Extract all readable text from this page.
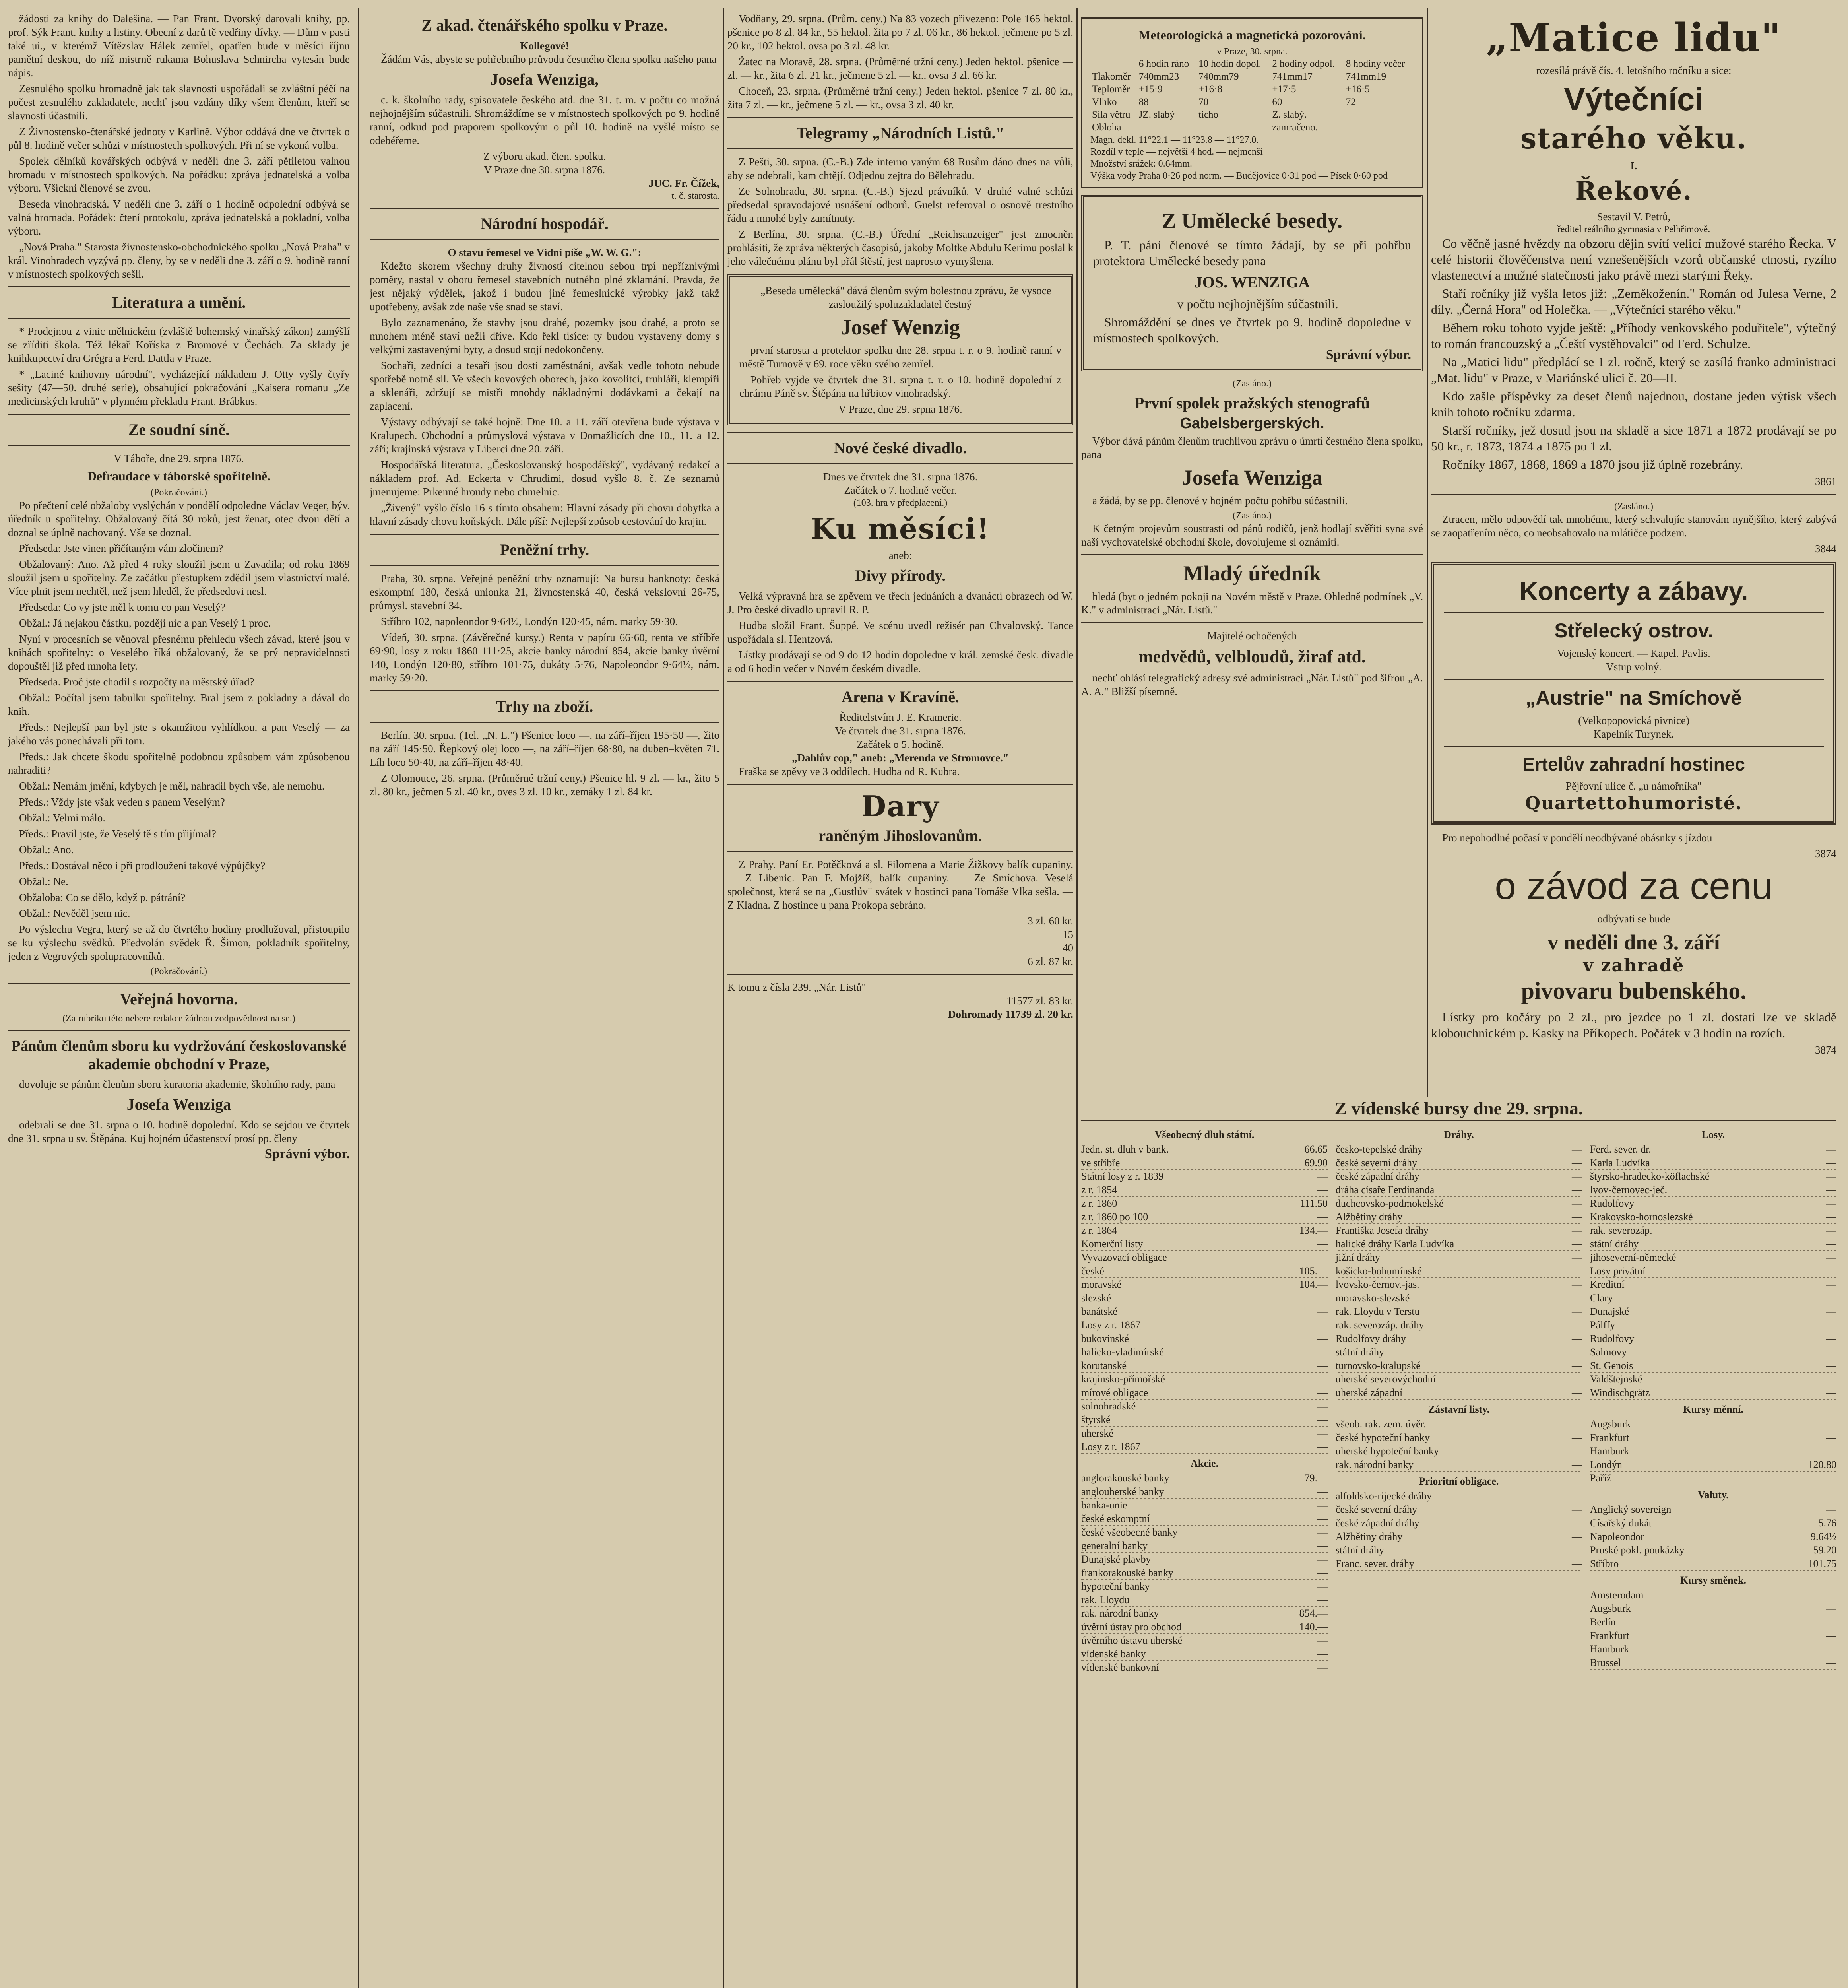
žádosti za knihy do Dalešina. — Pan Frant. Dvorský darovali knihy, pp. prof. Sýk Frant. knihy a listiny. Obecní z darů tě vedřiny dívky. — Dům v pasti také ui., v kterémž Vítězslav Hálek zemřel, opatřen bude v měsíci říjnu pamětní deskou, do níž mistrně rukama Bohuslava Schnircha vytesán bude nápis.

Zesnulého spolku hromadně jak tak slavnosti uspořádali se zvláštní péčí na počest zesnulého zakladatele, nechť jsou vzdány díky všem členům, kteří se slavnosti účastnili.

Z Živnostensko-čtenářské jednoty v Karlině. Výbor oddává dne ve čtvrtek o půl 8. hodině večer schůzi v místnostech spolkových. Při ní se vykoná volba.

Spolek dělníků kovářských odbývá v neděli dne 3. září pětiletou valnou hromadu v místnostech spolkových. Na pořádku: zpráva jednatelská a volba výboru. Všickni členové se zvou.

Beseda vinohradská. V neděli dne 3. září o 1 hodině odpolední odbývá se valná hromada. Pořádek: čtení protokolu, zpráva jednatelská a pokladní, volba výboru.

„Nová Praha." Starosta živnostensko-obchodnického spolku „Nová Praha" v král. Vinohradech vyzývá pp. členy, by se v neděli dne 3. září o 9. hodině ranní v místnostech spolkových sešli.

Literatura a umění.

* Prodejnou z vinic mělnickém (zvláště bohemský vinařský zákon) zamýšlí se zříditi škola. Též lékař Koříska z Bromové v Čechách. Za sklady je knihkupectví dra Grégra a Ferd. Dattla v Praze.

* „Laciné knihovny národní", vycházející nákladem J. Otty vyšly čtyřy sešity (47—50. druhé serie), obsahující pokračování „Kaisera romanu „Ze medicinských kruhů" v plynném překladu Frant. Brábkus.

Ze soudní síně.
V Táboře, dne 29. srpna 1876.
Defraudace v táborské spořitelně.
(Pokračování.)

Po přečtení celé obžaloby vyslýchán v pondělí odpoledne Václav Veger, býv. úředník u spořitelny. Obžalovaný čítá 30 roků, jest ženat, otec dvou dětí a doznal se úplně nachovaný. Vše se doznal.

Předseda: Jste vinen přičítaným vám zločinem?

Obžalovaný: Ano. Až před 4 roky sloužil jsem u Zavadila; od roku 1869 sloužil jsem u spořitelny. Ze začátku přestupkem zdědil jsem vlastnictví malé. Více plnit jsem nechtěl, než jsem hleděl, že předsedovi nesl.

Předseda: Co vy jste měl k tomu co pan Veselý?

Obžal.: Já nejakou částku, později nic a pan Veselý 1 proc.

Nyní v procesních se věnoval přesnému přehledu všech závad, které jsou v knihách spořitelny: o Veselého říká obžalovaný, že se prý nepravidelnosti dopouštěl již před mnoha lety.

Předseda. Proč jste chodil s rozpočty na městský úřad?

Obžal.: Počítal jsem tabulku spořitelny. Bral jsem z pokladny a dával do knih.

Předs.: Nejlepší pan byl jste s okamžitou vyhlídkou, a pan Veselý — za jakého vás ponechávali při tom.

Předs.: Jak chcete škodu spořitelně podobnou způsobem vám způsobenou nahraditi?

Obžal.: Nemám jmění, kdybych je měl, nahradil bych vše, ale nemohu.

Předs.: Vždy jste však veden s panem Veselým?

Obžal.: Velmi málo.

Předs.: Pravil jste, že Veselý tě s tím přijímal?

Obžal.: Ano.

Předs.: Dostával něco i při prodloužení takové výpůjčky?

Obžal.: Ne.

Obžaloba: Co se dělo, když p. pátrání?

Obžal.: Nevěděl jsem nic.

Po výslechu Vegra, který se až do čtvrtého hodiny prodlužoval, přistoupilo se ku výslechu svědků. Předvolán svědek Ř. Šimon, pokladník spořitelny, jeden z Vegrových spolupracovníků.

(Pokračování.)
Veřejná hovorna.
(Za rubriku této nebere redakce žádnou zodpovědnost na se.)
Pánům členům sboru ku vydržování českoslovanské akademie obchodní v Praze,

dovoluje se pánům členům sboru kuratoria akademie, školního rady, pana

Josefa Wenziga

odebrali se dne 31. srpna o 10. hodině dopolední. Kdo se sejdou ve čtvrtek dne 31. srpna u sv. Štěpána. Kuj hojném účastenství prosí pp. členy

Správní výbor.
Z akad. čtenářského spolku v Praze.
Kollegové!

Žádám Vás, abyste se pohřebního průvodu čestného člena spolku našeho pana

Josefa Wenziga,

c. k. školního rady, spisovatele českého atd. dne 31. t. m. v počtu co možná nejhojnějším súčastnili. Shromáždíme se v místnostech spolkových po 9. hodině ranní, odkud pod praporem spolkovým o půl 10. hodině na vyšlé místo se odebéřeme.

Z výboru akad. čten. spolku.
V Praze dne 30. srpna 1876.
JUC. Fr. Čížek,
t. č. starosta.
Národní hospodář.
O stavu řemesel ve Vídni píše „W. W. G.":

Kdežto skorem všechny druhy živností citelnou sebou trpí nepříznivými poměry, nastal v oboru řemesel stavebních nutného plné zklamání. Pravda, že jest nějaký výdělek, jakož i budou jiné řemeslnické výrobky jakž takž upotřebeny, avšak zde naše vše snad se staví.

Bylo zaznamenáno, že stavby jsou drahé, pozemky jsou drahé, a proto se mnohem méně staví nežli dříve. Kdo řekl tisíce: ty budou vystaveny domy s velkými zastavenými byty, a dosud stojí nedokončeny.

Sochaři, zedníci a tesaři jsou dosti zaměstnáni, avšak vedle tohoto nebude spotřebě notně sil. Ve všech kovových oborech, jako kovolitci, truhláři, klempíři a sklenáři, zdržují se mistři mnohdy nákladnými dodávkami a čekají na zaplacení.

Výstavy odbývají se také hojně: Dne 10. a 11. září otevřena bude výstava v Kralupech. Obchodní a průmyslová výstava v Domažlicích dne 10., 11. a 12. září; krajinská výstava v Liberci dne 20. září.

Hospodářská literatura. „Českoslovanský hospodářský", vydávaný redakcí a nákladem prof. Ad. Eckerta v Chrudimi, dosud vyšlo 8. č. Ze seznamů jmenujeme: Prkenné hroudy nebo chmelnic.

„Živený" vyšlo číslo 16 s tímto obsahem: Hlavní zásady při chovu dobytka a hlavní zásady chovu koňských. Dále píší: Nejlepší způsob cestování do krajin.

Peněžní trhy.

Praha, 30. srpna. Veřejné peněžní trhy oznamují: Na bursu banknoty: česká eskomptní 180, česká unionka 21, živnostenská 40, česká vekslovní 26-75, průmysl. stavební 34.

Stříbro 102, napoleondor 9·64½, Londýn 120·45, nám. marky 59·30.

Vídeň, 30. srpna. (Závěrečné kursy.) Renta v papíru 66·60, renta ve stříbře 69·90, losy z roku 1860 111·25, akcie banky národní 854, akcie banky úvěrní 140, Londýn 120·80, stříbro 101·75, dukáty 5·76, Napoleondor 9·64½, nám. marky 59·20.

Trhy na zboží.

Berlín, 30. srpna. (Tel. „N. L.") Pšenice loco —, na září–říjen 195·50 —, žito na září 145·50. Řepkový olej loco —, na září–říjen 68·80, na duben–květen 71. Líh loco 50·40, na září–říjen 48·40.

Z Olomouce, 26. srpna. (Průměrné tržní ceny.) Pšenice hl. 9 zl. — kr., žito 5 zl. 80 kr., ječmen 5 zl. 40 kr., oves 3 zl. 10 kr., zemáky 1 zl. 84 kr.

Vodňany, 29. srpna. (Prům. ceny.) Na 83 vozech přivezeno: Pole 165 hektol. pšenice po 8 zl. 84 kr., 55 hektol. žita po 7 zl. 06 kr., 86 hektol. ječmene po 5 zl. 20 kr., 102 hektol. ovsa po 3 zl. 48 kr.

Žatec na Moravě, 28. srpna. (Průměrné tržní ceny.) Jeden hektol. pšenice — zl. — kr., žita 6 zl. 21 kr., ječmene 5 zl. — kr., ovsa 3 zl. 66 kr.

Choceň, 23. srpna. (Průměrné tržní ceny.) Jeden hektol. pšenice 7 zl. 80 kr., žita 7 zl. — kr., ječmene 5 zl. — kr., ovsa 3 zl. 40 kr.

Telegramy „Národních Listů."

Z Pešti, 30. srpna. (C.-B.) Zde interno vaným 68 Rusům dáno dnes na vůli, aby se odebrali, kam chtějí. Odjedou zejtra do Bělehradu.

Ze Solnohradu, 30. srpna. (C.-B.) Sjezd právníků. V druhé valné schůzi předsedal spravodajové usnášení odborů. Guelst referoval o osnově trestního řádu a mnohé byly zamítnuty.

Z Berlína, 30. srpna. (C.-B.) Úřední „Reichsanzeiger" jest zmocněn prohlásiti, že zpráva některých časopisů, jakoby Moltke Abdulu Kerimu poslal k jeho válečnému plánu byl přál štěstí, jest naprosto vymyšlena.

„Beseda umělecká" dává členům svým bolestnou zprávu, že vysoce zasloužilý spoluzakladatel čestný

Josef Wenzig

první starosta a protektor spolku dne 28. srpna t. r. o 9. hodině ranní v městě Turnově v 69. roce věku svého zemřel.

Pohřeb vyjde ve čtvrtek dne 31. srpna t. r. o 10. hodině dopolední z chrámu Páně sv. Štěpána na hřbitov vinohradský.

V Praze, dne 29. srpna 1876.
Nové české divadlo.
Dnes ve čtvrtek dne 31. srpna 1876.
Začátek o 7. hodině večer.
(103. hra v předplacení.)
Ku měsíci!
aneb:
Divy přírody.

Velká výpravná hra se zpěvem ve třech jednáních a dvanácti obrazech od W. J. Pro české divadlo upravil R. P.

Hudba složil Frant. Šuppé. Ve scénu uvedl režisér pan Chvalovský. Tance uspořádala sl. Hentzová.

Lístky prodávají se od 9 do 12 hodin dopoledne v král. zemské česk. divadle a od 6 hodin večer v Novém českém divadle.

Arena v Kravíně.
Ředitelstvím J. E. Kramerie.
Ve čtvrtek dne 31. srpna 1876.
Začátek o 5. hodině.
„Dahlův cop," aneb: „Merenda ve Stromovce."

Fraška se zpěvy ve 3 oddílech. Hudba od R. Kubra.

Dary
raněným Jihoslovanům.

Z Prahy. Paní Er. Potěčková a sl. Filomena a Marie Žižkovy balík cupaniny. — Z Libenic. Pan F. Mojžíš, balík cupaniny. — Ze Smíchova. Veselá společnost, která se na „Gustlův" svátek v hostinci pana Tomáše Vlka sešla. — Z Kladna. Z hostince u pana Prokopa sebráno.

3 zl. 60 kr.
15
40
6 zl. 87 kr.
K tomu z čísla 239. „Nár. Listů"
11577 zl. 83 kr.
Dohromady 11739 zl. 20 kr.
Meteorologická a magnetická pozorování.
v Praze, 30. srpna.
	6 hodin ráno	10 hodin dopol.	2 hodiny odpol.	8 hodiny večer
Tlakoměr	740mm23	740mm79	741mm17	741mm19
Teploměr	+15·9	+16·8	+17·5	+16·5
Vlhko	88	70	60	72
Síla větru	JZ. slabý	ticho	Z. slabý.	
Obloha			zamračeno.	
Magn. dekl. 11°22.1 — 11°23.8 — 11°27.0.
Rozdíl v teple — největší 4 hod. — nejmenší
Množství srážek: 0.64mm.
Výška vody Praha 0·26 pod norm. — Budějovice 0·31 pod — Písek 0·60 pod
Z Umělecké besedy.

P. T. páni členové se tímto žádají, by se při pohřbu protektora Umělecké besedy pana

JOS. WENZIGA

v počtu nejhojnějším súčastnili.

Shromáždění se dnes ve čtvrtek po 9. hodině dopoledne v místnostech spolkových.

Správní výbor.
(Zasláno.)
První spolek pražských stenografů
Gabelsbergerských.

Výbor dává pánům členům truchlivou zprávu o úmrtí čestného člena spolku, pana

Josefa Wenziga

a žádá, by se pp. členové v hojném počtu pohřbu súčastnili.

(Zasláno.)

K četným projevům soustrasti od pánů rodičů, jenž hodlají svěřiti syna své naší vychovatelské obchodní škole, dovolujeme si oznámiti.

Mladý úředník

hledá (byt o jedném pokoji na Novém městě v Praze. Ohledně podmínek „V. K." v administraci „Nár. Listů."

Majitelé ochočených
medvědů, velbloudů, žiraf atd.

nechť ohlásí telegrafický adresy své administraci „Nár. Listů" pod šifrou „A. A. A." Bližší písemně.

„Matice lidu"
rozesílá právě čís. 4. letošního ročníku a sice:
Výtečníci
starého věku.
I.
Řekové.
Sestavil V. Petrů,
ředitel reálního gymnasia v Pelhřimově.

Co věčně jasné hvězdy na obzoru dějin svítí velicí mužové starého Řecka. V celé historii člověčenstva není vznešenějších vzorů občanské ctnosti, ryzího vlastenectví a mužné statečnosti jako právě mezi starými Řeky.

Staří ročníky již vyšla letos již: „Zeměkoženín." Román od Julesa Verne, 2 díly. „Černá Hora" od Holečka. — „Výtečníci starého věku."

Během roku tohoto vyjde ještě: „Příhody venkovského poduřitele", výtečný to román francouzský a „Čeští vystěhovalci" od Ferd. Schulze.

Na „Matici lidu" předplácí se 1 zl. ročně, který se zasílá franko administraci „Mat. lidu" v Praze, v Mariánské ulici č. 20—II.

Kdo zašle příspěvky za deset členů najednou, dostane jeden výtisk všech knih tohoto ročníku zdarma.

Starší ročníky, jež dosud jsou na skladě a sice 1871 a 1872 prodávají se po 50 kr., r. 1873, 1874 a 1875 po 1 zl.

Ročníky 1867, 1868, 1869 a 1870 jsou již úplně rozebrány.

3861
(Zasláno.)

Ztracen, mělo odpovědí tak mnohému, který schvalujíc stanovám nynějšího, který zabývá se zaopatřením něco, co neobsahovalo na mlátičce podzem.

3844
Koncerty a zábavy.
Střelecký ostrov.
Vojenský koncert. — Kapel. Pavlis.
Vstup volný.
„Austrie" na Smíchově
(Velkopopovická pivnice)
Kapelník Turynek.
Ertelův zahradní hostinec
Pějřovní ulice č. „u námořníka"
Quartettohumoristé.

Pro nepohodlné počasí v pondělí neodbývané obásnky s jízdou

3874
o závod za cenu
odbývati se bude
v neděli dne 3. září
v zahradě
pivovaru bubenského.

Lístky pro kočáry po 2 zl., pro jezdce po 1 zl. dostati lze ve skladě klobouchnickém p. Kasky na Příkopech. Počátek v 3 hodin na rozích.

3874
Z vídenské bursy dne 29. srpna.
Všeobecný dluh státní.
Jedn. st. dluh v bank.	66.65
ve stříbře	69.90
Státní losy z r. 1839	—
z r. 1854	—
z r. 1860	111.50
z r. 1860 po 100	—
z r. 1864	134.—
Komerční listy	—
Vyvazovací obligace
české	105.—
moravské	104.—
slezské	—
banátské	—
Losy z r. 1867	—
bukovinské	—
halicko-vladimírské	—
korutanské	—
krajinsko-přímořské	—
mírové obligace	—
solnohradské	—
štyrské	—
uherské	—
Losy z r. 1867	—
Akcie.
anglorakouské banky	79.—
anglouherské banky	—
banka-unie	—
české eskomptní	—
české všeobecné banky	—
generalní banky	—
Dunajské plavby	—
frankorakouské banky	—
hypoteční banky	—
rak. Lloydu	—
rak. národní banky	854.—
úvěrní ústav pro obchod	140.—
úvěrního ústavu uherské	—
vídenské banky	—
vídenské bankovní	—
Dráhy.
česko-tepelské dráhy	—
české severní dráhy	—
české západní dráhy	—
dráha císaře Ferdinanda	—
duchcovsko-podmokelské	—
Alžbětiny dráhy	—
Františka Josefa dráhy	—
halické dráhy Karla Ludvíka	—
jižní dráhy	—
košicko-bohumínské	—
lvovsko-černov.-jas.	—
moravsko-slezské	—
rak. Lloydu v Terstu	—
rak. severozáp. dráhy	—
Rudolfovy dráhy	—
státní dráhy	—
turnovsko-kralupské	—
uherské severovýchodní	—
uherské západní	—
Zástavní listy.
všeob. rak. zem. úvěr.	—
české hypoteční banky	—
uherské hypoteční banky	—
rak. národní banky	—
Prioritní obligace.
alfoldsko-rijecké dráhy	—
české severní dráhy	—
české západní dráhy	—
Alžbětiny dráhy	—
státní dráhy	—
Franc. sever. dráhy	—
Losy.
Ferd. sever. dr.	—
Karla Ludvíka	—
štyrsko-hradecko-köflachské	—
lvov-černovec-ječ.	—
Rudolfovy	—
Krakovsko-hornoslezské	—
rak. severozáp.	—
státní dráhy	—
jihoseverní-německé	—
Losy privátní
Kreditní	—
Clary	—
Dunajské	—
Pálffy	—
Rudolfovy	—
Salmovy	—
St. Genois	—
Valdštejnské	—
Windischgrätz	—
Kursy měnní.
Augsburk	—
Frankfurt	—
Hamburk	—
Londýn	120.80
Paříž	—
Valuty.
Anglický sovereign	—
Císařský dukát	5.76
Napoleondor	9.64½
Pruské pokl. poukázky	59.20
Stříbro	101.75
Kursy směnek.
Amsterodam	—
Augsburk	—
Berlín	—
Frankfurt	—
Hamburk	—
Brussel	—
